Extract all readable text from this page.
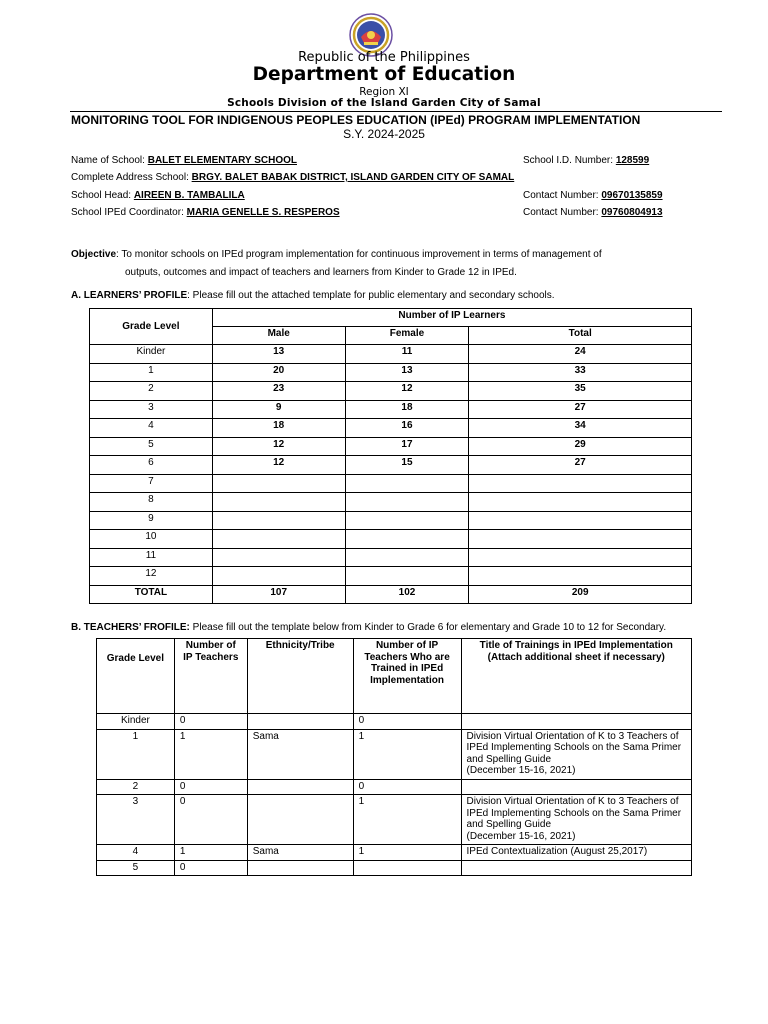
Republic of the Philippines
Department of Education
Region XI
Schools Division of the Island Garden City of Samal
MONITORING TOOL FOR INDIGENOUS PEOPLES EDUCATION (IPEd) PROGRAM IMPLEMENTATION
S.Y. 2024-2025
Name of School: BALET ELEMENTARY SCHOOL	School I.D. Number: 128599
Complete Address School: BRGY. BALET BABAK DISTRICT, ISLAND GARDEN CITY OF SAMAL
School Head: AIREEN B. TAMBALILA	Contact Number: 09670135859
School IPEd Coordinator: MARIA GENELLE S. RESPEROS	Contact Number: 09760804913
Objective: To monitor schools on IPEd program implementation for continuous improvement in terms of management of
outputs, outcomes and impact of teachers and learners from Kinder to Grade 12 in IPEd.
A. LEARNERS’ PROFILE: Please fill out the attached template for public elementary and secondary schools.
Grade Level	Number of IP Learners		
	Male	Female	Total
Kinder	13	11	24
1	20	13	33
2	23	12	35
3	9	18	27
4	18	16	34
5	12	17	29
6	12	15	27
7			
8			
9			
10			
11			
12			
TOTAL	107	102	209
B. TEACHERS’ FROFILE: Please fill out the template below from Kinder to Grade 6 for elementary and Grade 10 to 12 for Secondary.
Grade Level	Number of IP Teachers	Ethnicity/Tribe	Number of IP Teachers Who are Trained in IPEd Implementation	Title of Trainings in IPEd Implementation (Attach additional sheet if necessary)
Kinder	0		0	
1	1	Sama	1	Division Virtual Orientation of K to 3 Teachers of IPEd Implementing Schools on the Sama Primer and Spelling Guide
(December 15-16, 2021)
2	0		0	
3	0		1	Division Virtual Orientation of K to 3 Teachers of IPEd Implementing Schools on the Sama Primer and Spelling Guide
(December 15-16, 2021)
4	1	Sama	1	IPEd Contextualization (August 25,2017)
5	0			
